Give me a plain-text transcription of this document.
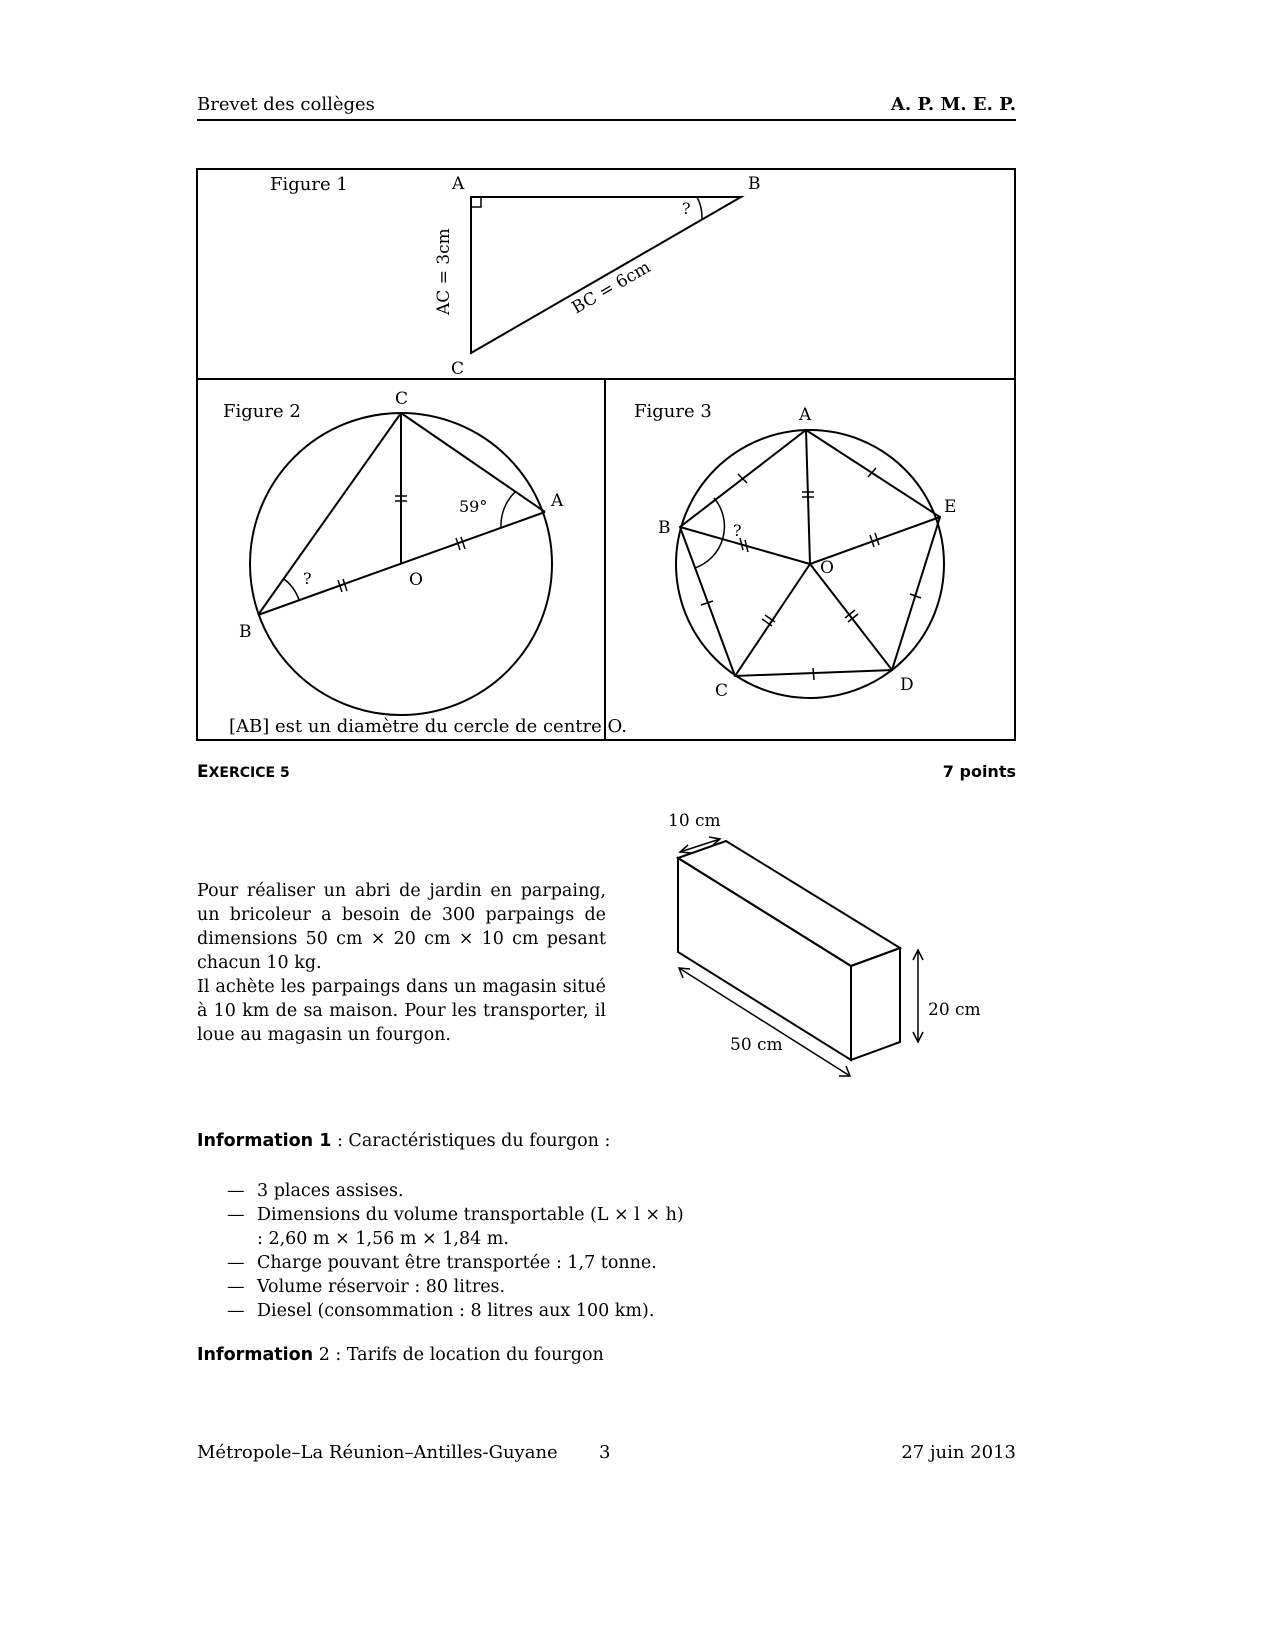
Brevet des collèges	A. P. M. E. P.
Figure 1
?
A	B
C
AC = 3cm	BC = 6cm
Figure 2
59°
?
C
A
B
O
[AB] est un diamètre du cercle de centre O.
Figure 3
?
A
E
B
D
C
O
EXERCICE 5	7 points

Pour réaliser un abri de jardin en parpaing, un bricoleur a besoin de 300 parpaings de dimensions 50 cm × 20 cm × 10 cm pesant chacun 10 kg.

Il achète les parpaings dans un magasin situé à 10 km de sa maison. Pour les transporter, il loue au magasin un fourgon.

10 cm
50 cm
20 cm
Information 1 : Caractéristiques du fourgon :
— 3 places assises.
— Dimensions du volume transportable (L × l × h) : 2,60 m × 1,56 m × 1,84 m.
— Charge pouvant être transportée : 1,7 tonne.
— Volume réservoir : 80 litres.
— Diesel (consommation : 8 litres aux 100 km).
Information 2 : Tarifs de location du fourgon
Métropole–La Réunion–Antilles-Guyane 3	27 juin 2013
